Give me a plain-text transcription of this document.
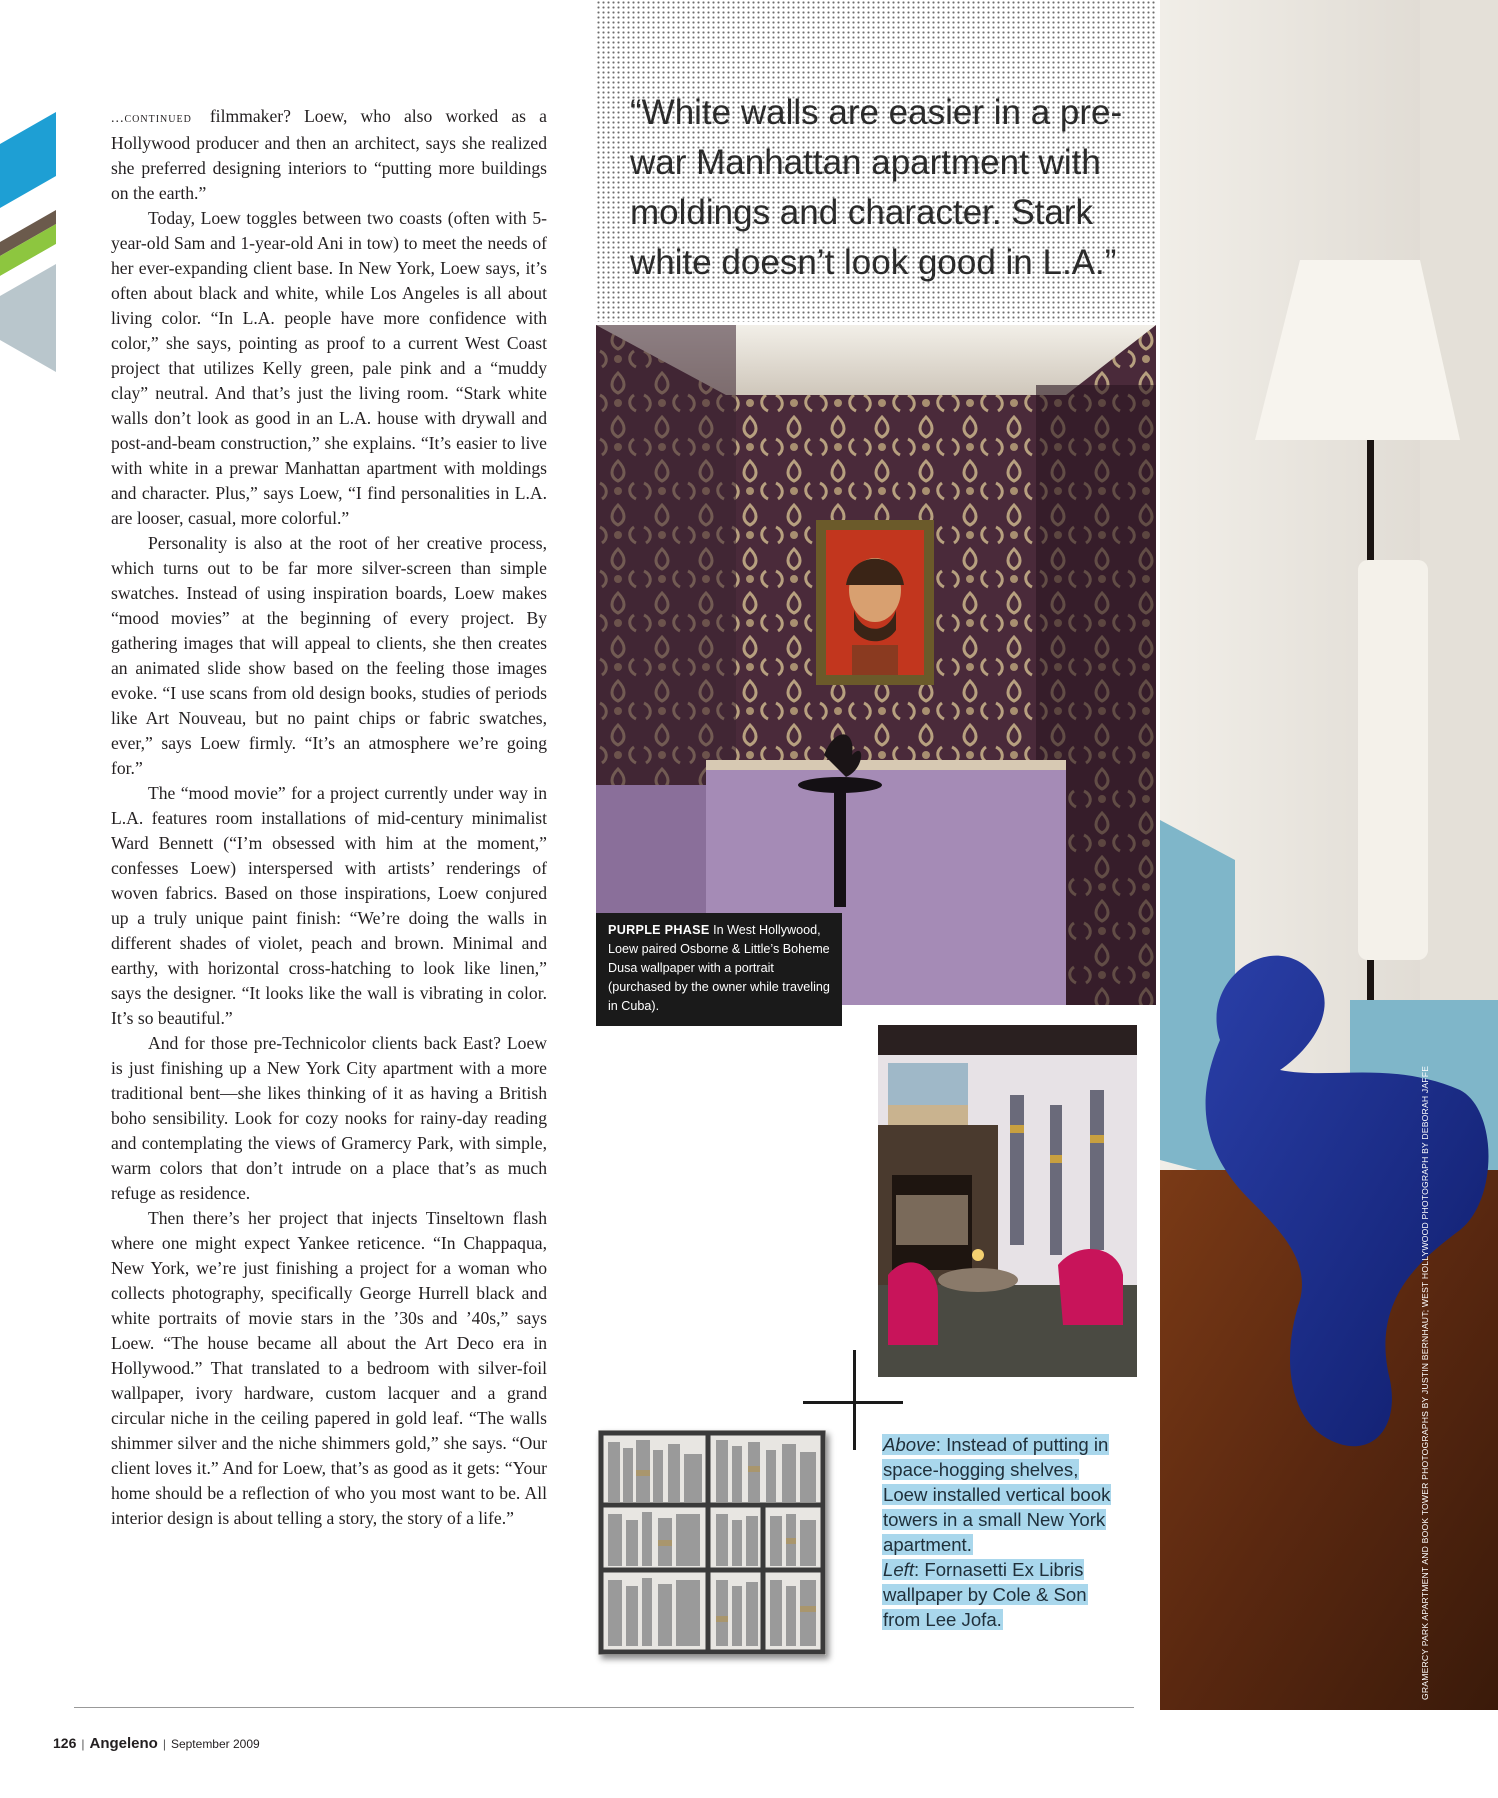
...continued filmmaker? Loew, who also worked as a Hollywood producer and then an architect, says she realized she preferred designing interiors to “putting more buildings on the earth.”

Today, Loew toggles between two coasts (often with 5-year-old Sam and 1-year-old Ani in tow) to meet the needs of her ever-expanding client base. In New York, Loew says, it’s often about black and white, while Los Angeles is all about living color. “In L.A. people have more confidence with color,” she says, pointing as proof to a current West Coast project that utilizes Kelly green, pale pink and a “muddy clay” neutral. And that’s just the living room. “Stark white walls don’t look as good in an L.A. house with drywall and post-and-beam construction,” she explains. “It’s easier to live with white in a prewar Manhattan apartment with moldings and character. Plus,” says Loew, “I find personalities in L.A. are looser, casual, more colorful.”

Personality is also at the root of her creative process, which turns out to be far more silver-screen than simple swatches. Instead of using inspiration boards, Loew makes “mood movies” at the beginning of every project. By gathering images that will appeal to clients, she then creates an animated slide show based on the feeling those images evoke. “I use scans from old design books, studies of periods like Art Nouveau, but no paint chips or fabric swatches, ever,” says Loew firmly. “It’s an atmosphere we’re going for.”

The “mood movie” for a project currently under way in L.A. features room installations of mid-century minimalist Ward Bennett (“I’m obsessed with him at the moment,” confesses Loew) interspersed with artists’ renderings of woven fabrics. Based on those inspirations, Loew conjured up a truly unique paint finish: “We’re doing the walls in different shades of violet, peach and brown. Minimal and earthy, with horizontal cross-hatching to look like linen,” says the designer. “It looks like the wall is vibrating in color. It’s so beautiful.”

And for those pre-Technicolor clients back East? Loew is just finishing up a New York City apartment with a more traditional bent—she likes thinking of it as having a British boho sensibility. Look for cozy nooks for rainy-day reading and contemplating the views of Gramercy Park, with simple, warm colors that don’t intrude on a place that’s as much refuge as residence.

Then there’s her project that injects Tinseltown flash where one might expect Yankee reticence. “In Chappaqua, New York, we’re just finishing a project for a woman who collects photography, specifically George Hurrell black and white portraits of movie stars in the ’30s and ’40s,” says Loew. “The house became all about the Art Deco era in Hollywood.” That translated to a bedroom with silver-foil wallpaper, ivory hardware, custom lacquer and a grand circular niche in the ceiling papered in gold leaf. “The walls shimmer silver and the niche shimmers gold,” she says. “Our client loves it.” And for Loew, that’s as good as it gets: “Your home should be a reflection of who you most want to be. All interior design is about telling a story, the story of a life.”

“White walls are easier in a pre-war Manhattan apartment with moldings and character. Stark white doesn’t look good in L.A.”

PURPLE PHASE In West Hollywood, Loew paired Osborne & Little’s Boheme Dusa wallpaper with a portrait (purchased by the owner while traveling in Cuba).
GRAMERCY PARK APARTMENT AND BOOK TOWER PHOTOGRAPHS BY JUSTIN BERNHAUT; WEST HOLLYWOOD PHOTOGRAPH BY DEBORAH JAFFE
Above: Instead of putting in space-hogging shelves, Loew installed vertical book towers in a small New York apartment.
Left: Fornasetti Ex Libris wallpaper by Cole & Son from Lee Jofa.
126 | Angeleno | September 2009
